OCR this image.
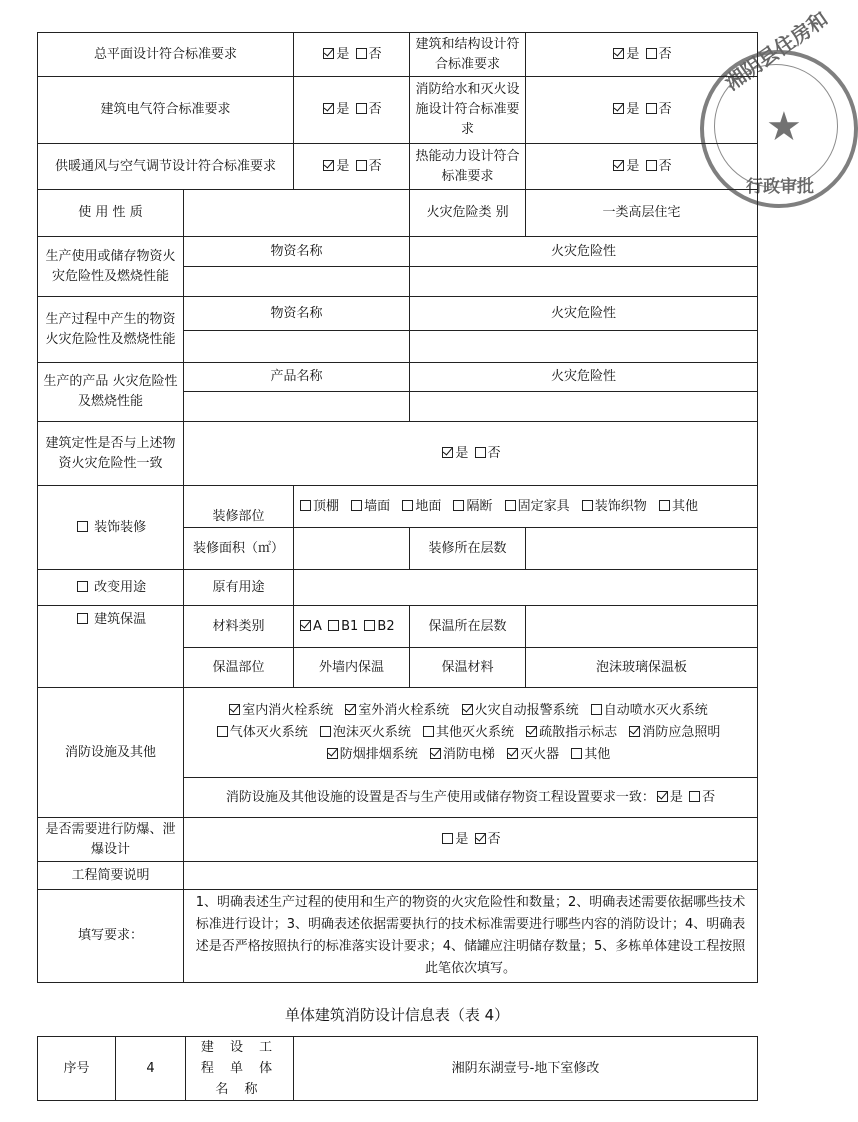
★
湘阴县住房和
行政审批
总平面设计符合标准要求		是 否	建筑和结构设计符合标准要求	是 否
建筑电气符合标准要求		是 否	消防给水和灭火设施设计符合标准要求	是 否
供暖通风与空气调节设计符合标准要求		是 否	热能动力设计符合标准要求	是 否
使 用 性 质			火灾危险类 别	一类高层住宅
生产使用或储存物资火灾危险性及燃烧性能	物资名称		火灾危险性	

生产过程中产生的物资火灾危险性及燃烧性能	物资名称		火灾危险性	

生产的产品 火灾危险性及燃烧性能	产品名称		火灾危险性	

建筑定性是否与上述物资火灾危险性一致	是 否			
装饰装修	装修部位	顶棚 墙面 地面 隔断 固定家具 装饰织物 其他		
	装修面积（㎡）		装修所在层数	
改变用途	原有用途			
建筑保温	材料类别	A B1 B2	保温所在层数	
	保温部位	外墙内保温	保温材料	泡沫玻璃保温板
消防设施及其他	室内消火栓系统 室外消火栓系统 火灾自动报警系统 自动喷水灭火系统 气体灭火系统 泡沫灭火系统 其他灭火系统 疏散指示标志 消防应急照明 防烟排烟系统 消防电梯 灭火器 其他			
	消防设施及其他设施的设置是否与生产使用或储存物资工程设置要求一致： 是 否			
是否需要进行防爆、泄爆设计	是 否			
工程简要说明				
填写要求：	1、明确表述生产过程的使用和生产的物资的火灾危险性和数量；2、明确表述需要依据哪些技术标准进行设计；3、明确表述依据需要执行的技术标准需要进行哪些内容的消防设计；4、明确表述是否严格按照执行的标准落实设计要求；4、储罐应注明储存数量；5、多栋单体建设工程按照此笔依次填写。			
单体建筑消防设计信息表（表 4）
序号	4	建 设 工 程 单 体 名 称	湘阴东湖壹号-地下室修改
